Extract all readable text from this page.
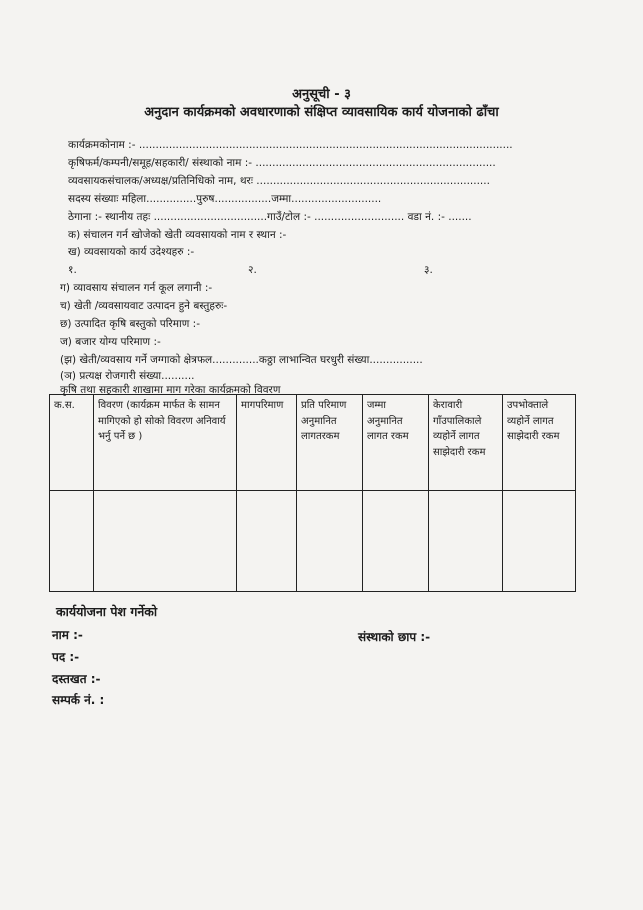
अनुसूची - ३
अनुदान कार्यक्रमको अवधारणाको संक्षिप्त व्यावसायिक कार्य योजनाको ढाँचा
कार्यक्रमकोनाम :- ................................................................................................................
कृषिफर्म/कम्पनी/समूह/सहकारी/ संस्थाको नाम :- ........................................................................
व्यवसायकसंचालक/अध्यक्ष/प्रतिनिधिको नाम, थरः ......................................................................
सदस्य संख्याः महिला...............पुरुष.................जम्मा...........................
ठेगाना :- स्थानीय तहः ..................................गाउँ/टोल :- ........................... वडा नं. :- .......
क) संचालन गर्न खोजेको खेती व्यवसायको नाम र स्थान :-
ख) व्यवसायको कार्य उदेश्यहरु :-
१.	२.	३.
ग) व्यावसाय संचालन गर्न कूल लगानी :-
च) खेती /व्यवसायवाट उत्पादन हुने बस्तुहरुः-
छ) उत्पादित कृषि बस्तुको परिमाण :-
ज) बजार योग्य परिमाण :-
(झ) खेती/व्यवसाय गर्ने जग्गाको क्षेत्रफल..............कठ्ठा लाभान्वित घरधुरी संख्या................
(ञ) प्रत्यक्ष रोजगारी संख्या..........
कृषि तथा सहकारी शाखामा माग गरेका कार्यक्रमको विवरण
क.स.	विवरण (कार्यक्रम मार्फत के सामन मागिएको हो सोको विवरण अनिवार्य भर्नु पर्ने छ )	मागपरिमाण	प्रति परिमाण अनुमानित लागतरकम	जम्मा अनुमानित लागत रकम	केरावारी गाँउपालिकाले व्यहोर्ने लागत साझेदारी रकम	उपभोक्ताले व्यहोर्ने लागत साझेदारी रकम

कार्ययोजना पेश गर्नेको
नाम :-	संस्थाको छाप :-
पद :-
दस्तखत :-
सम्पर्क नं. :
